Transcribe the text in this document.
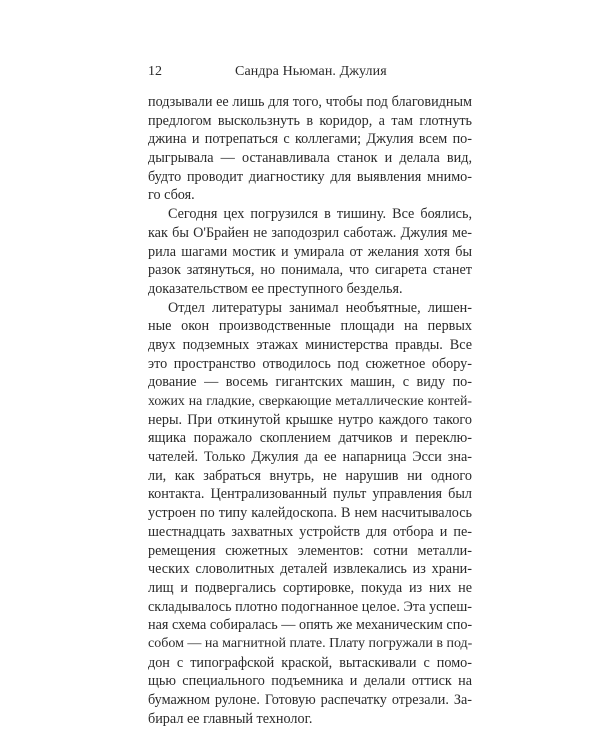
12	Сандра Ньюман. Джулия

подзывали ее лишь для того, чтобы под благовидным
предлогом выскользнуть в коридор, а там глотнуть
джина и потрепаться с коллегами; Джулия всем по-
дыгрывала — останавливала станок и делала вид,
будто проводит диагностику для выявления мнимо-
го сбоя.

Сегодня цех погрузился в тишину. Все боялись,
как бы О'Брайен не заподозрил саботаж. Джулия ме-
рила шагами мостик и умирала от желания хотя бы
разок затянуться, но понимала, что сигарета станет
доказательством ее преступного безделья.

Отдел литературы занимал необъятные, лишен-
ные окон производственные площади на первых
двух подземных этажах министерства правды. Все
это пространство отводилось под сюжетное обору-
дование — восемь гигантских машин, с виду по-
хожих на гладкие, сверкающие металлические контей-
неры. При откинутой крышке нутро каждого такого
ящика поражало скоплением датчиков и переклю-
чателей. Только Джулия да ее напарница Эсси зна-
ли, как забраться внутрь, не нарушив ни одного
контакта. Централизованный пульт управления был
устроен по типу калейдоскопа. В нем насчитывалось
шестнадцать захватных устройств для отбора и пе-
ремещения сюжетных элементов: сотни металли-
ческих словолитных деталей извлекались из храни-
лищ и подвергались сортировке, покуда из них не
складывалось плотно подогнанное целое. Эта успеш-
ная схема собиралась — опять же механическим спо-
собом — на магнитной плате. Плату погружали в под-
дон с типографской краской, вытаскивали с помо-
щью специального подъемника и делали оттиск на
бумажном рулоне. Готовую распечатку отрезали. За-
бирал ее главный технолог.
